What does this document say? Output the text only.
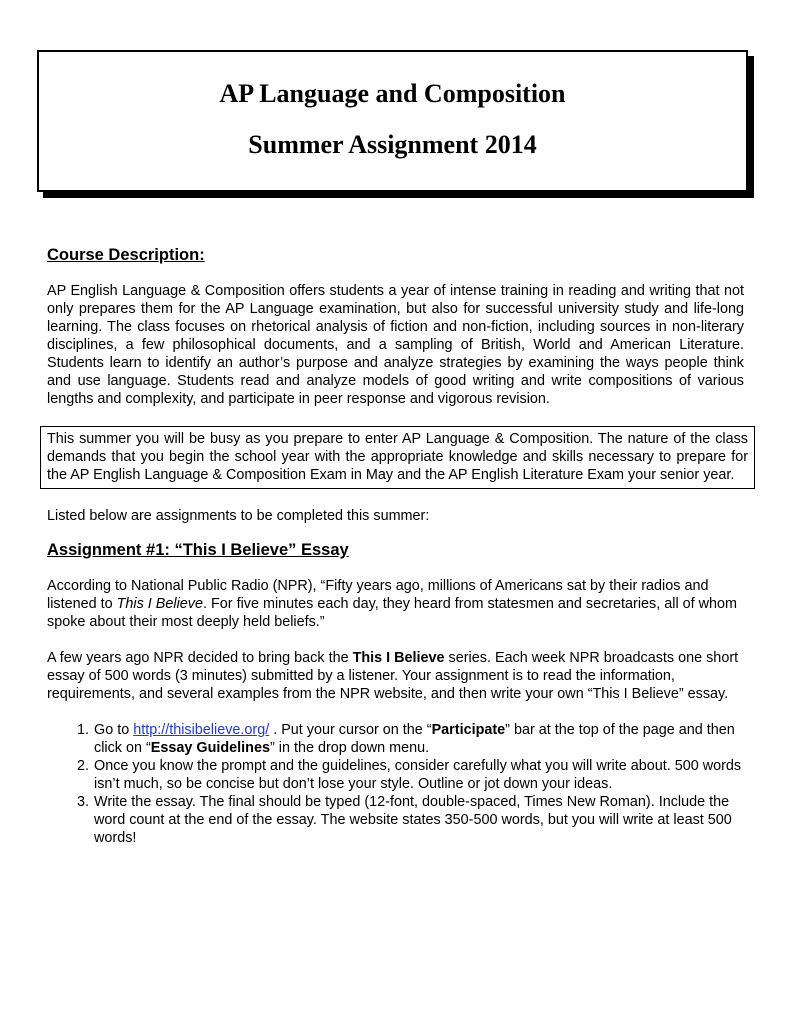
AP Language and Composition
Summer Assignment 2014
Course Description:

AP English Language & Composition offers students a year of intense training in reading and writing that not only prepares them for the AP Language examination, but also for successful university study and life-long learning. The class focuses on rhetorical analysis of fiction and non-fiction, including sources in non-literary disciplines, a few philosophical documents, and a sampling of British, World and American Literature. Students learn to identify an author’s purpose and analyze strategies by examining the ways people think and use language. Students read and analyze models of good writing and write compositions of various lengths and complexity, and participate in peer response and vigorous revision.

This summer you will be busy as you prepare to enter AP Language & Composition. The nature of the class demands that you begin the school year with the appropriate knowledge and skills necessary to prepare for the AP English Language & Composition Exam in May and the AP English Literature Exam your senior year.

Listed below are assignments to be completed this summer:

Assignment #1: “This I Believe” Essay

According to National Public Radio (NPR), “Fifty years ago, millions of Americans sat by their radios and listened to This I Believe. For five minutes each day, they heard from statesmen and secretaries, all of whom spoke about their most deeply held beliefs.”

A few years ago NPR decided to bring back the This I Believe series. Each week NPR broadcasts one short essay of 500 words (3 minutes) submitted by a listener. Your assignment is to read the information, requirements, and several examples from the NPR website, and then write your own “This I Believe” essay.

1. Go to http://thisibelieve.org/ . Put your cursor on the “Participate” bar at the top of the page and then click on “Essay Guidelines” in the drop down menu.
2. Once you know the prompt and the guidelines, consider carefully what you will write about. 500 words isn’t much, so be concise but don’t lose your style. Outline or jot down your ideas.
3. Write the essay. The final should be typed (12-font, double-spaced, Times New Roman). Include the word count at the end of the essay. The website states 350-500 words, but you will write at least 500 words!
